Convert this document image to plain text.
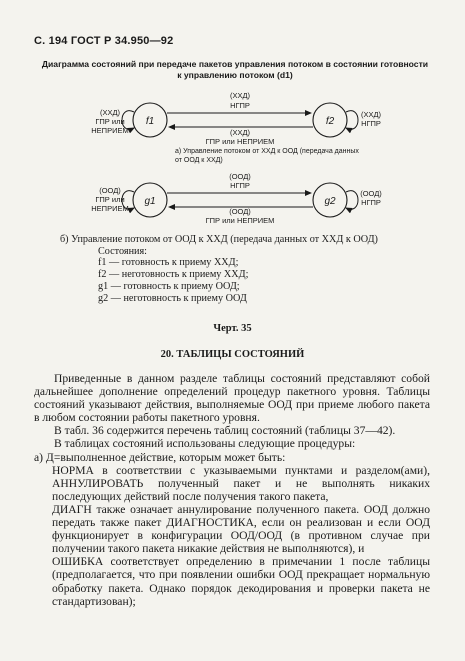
С. 194 ГОСТ Р 34.950—92
Диаграмма состояний при передаче пакетов управления потоком в состоянии готовности к управлению потоком (d1)
f1	f2
(ХХД)
НГПР
(ХХД)
ГПР или НЕПРИЕМ
(ХХД)
ГПР или
НЕПРИЕМ
(ХХД)
НГПР
а) Управление потоком от ХХД к ООД (передача данных
от ООД к ХХД)
g1	g2
(ООД)
НГПР
(ООД)
ГПР или НЕПРИЕМ
(ООД)
ГПР или
НЕПРИЕМ
(ООД)
НГПР
б) Управление потоком от ООД к ХХД (передача данных от ХХД к ООД)
Состояния:
f1 — готовность к приему ХХД;
f2 — неготовность к приему ХХД;
g1 — готовность к приему ООД;
g2 — неготовность к приему ООД
Черт. 35
20. ТАБЛИЦЫ СОСТОЯНИЙ

Приведенные в данном разделе таблицы состояний представляют собой дальнейшее дополнение определений процедур пакетного уровня. Таблицы состояний указывают действия, выполняемые ООД при приеме любого пакета в любом состоянии работы пакетного уровня.

В табл. 36 содержится перечень таблиц состояний (таблицы 37—42).

В таблицах состояний использованы следующие процедуры:

а) Д=выполненное действие, которым может быть:

НОРМА в соответствии с указываемыми пунктами и разделом(ами), АННУЛИРОВАТЬ полученный пакет и не выполнять никаких последующих действий после получения такого пакета,

ДИАГН также означает аннулирование полученного пакета. ООД должно передать также пакет ДИАГНОСТИКА, если он реализован и если ООД функционирует в конфигурации ООД/ООД (в противном случае при получении такого пакета никакие действия не выполняются), и

ОШИБКА соответствует определению в примечании 1 после таблицы (предполагается, что при появлении ошибки ООД прекращает нормальную обработку пакета. Однако порядок декодирования и проверки пакета не стандартизован);
